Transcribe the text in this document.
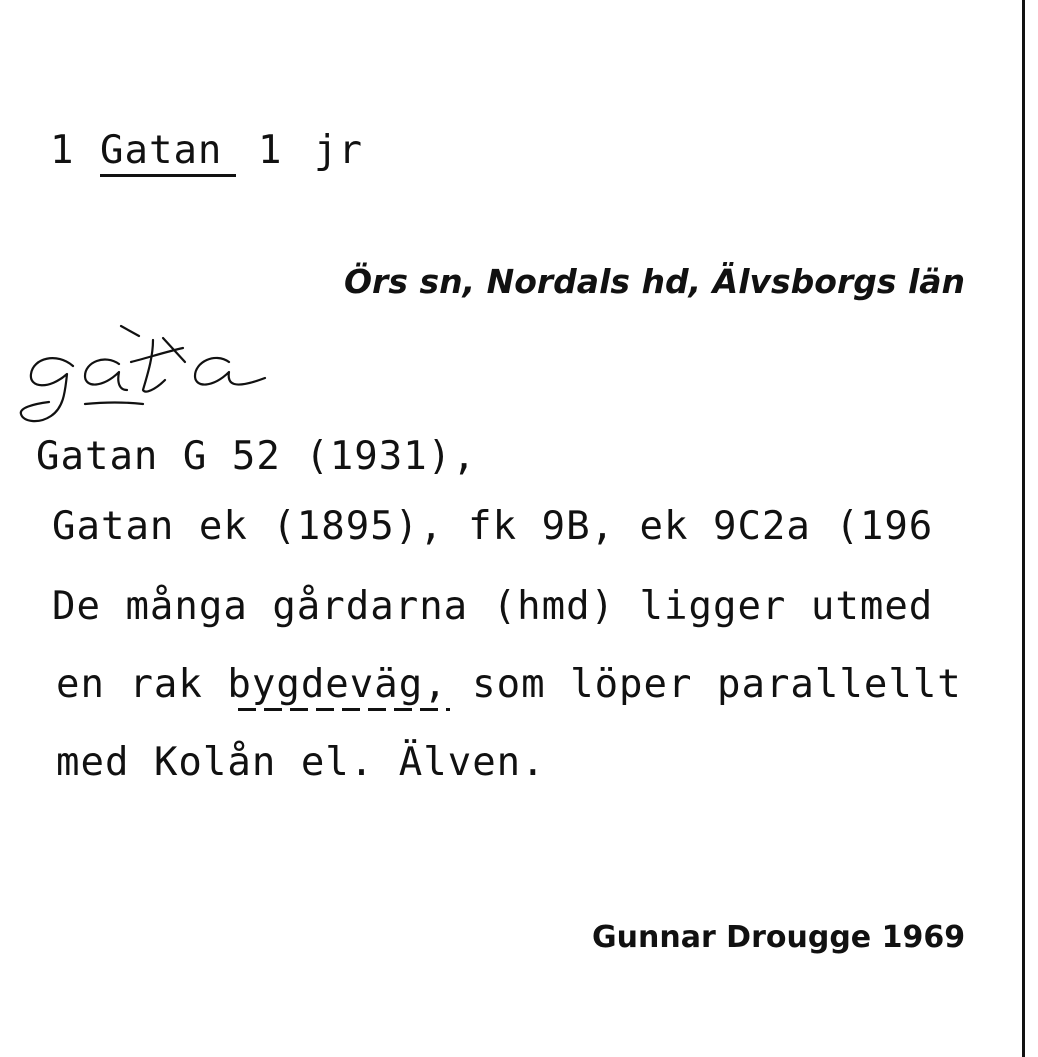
1 Gatan 1 jr
Örs sn, Nordals hd, Älvsborgs län
Gatan G 52 (1931),
Gatan ek (1895), fk 9B, ek 9C2a (196
De många gårdarna (hmd) ligger utmed
en rak bygdeväg, som löper parallellt
med Kolån el. Älven.
Gunnar Drougge 1969
